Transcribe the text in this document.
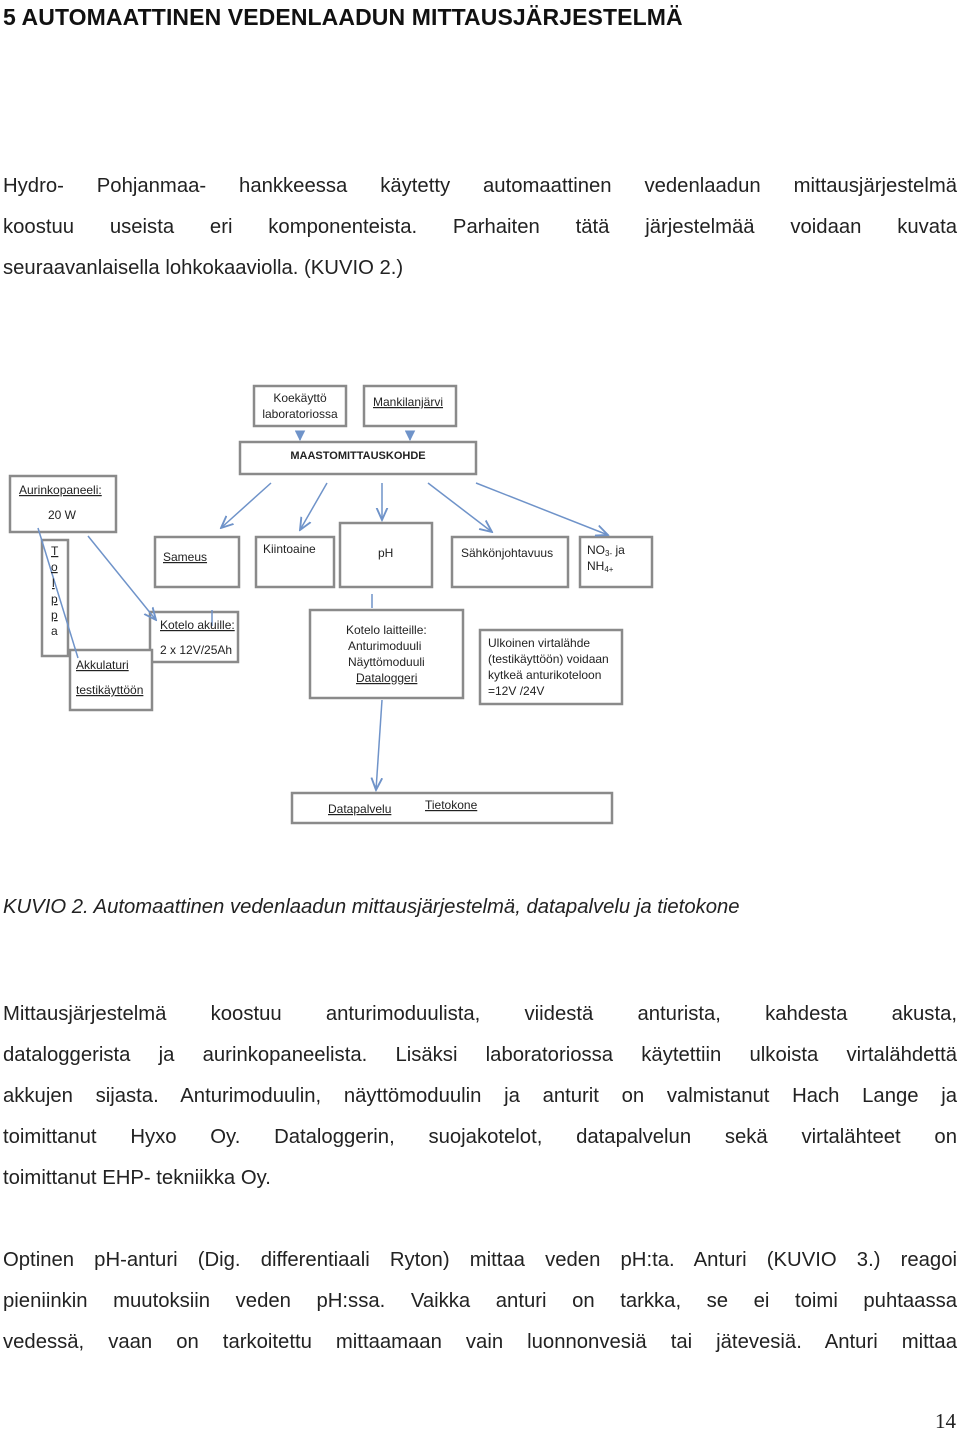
5 AUTOMAATTINEN VEDENLAADUN MITTAUSJÄRJESTELMÄ
Hydro- Pohjanmaa- hankkeessa käytetty automaattinen vedenlaadun mittausjärjestelmä
koostuu useista eri komponenteista. Parhaiten tätä järjestelmää voidaan kuvata
seuraavanlaisella lohkokaaviolla. (KUVIO 2.)
Koekäyttö
laboratoriossa
Mankilanjärvi
MAASTOMITTAUSKOHDE
Aurinkopaneeli:
20 W
T
o
l
p
p
a
Sameus
Kiintoaine	pH	Sähkönjohtavuus	NO3- ja
NH4+
Kotelo akuille:
2 x 12V/25Ah
Kotelo laitteille:
Anturimoduuli
Näyttömoduuli
Dataloggeri
Ulkoinen virtalähde
(testikäyttöön) voidaan
kytkeä anturikoteloon
=12V /24V
Akkulaturi
testikäyttöön
Datapalvelu	Tietokone

KUVIO 2. Automaattinen vedenlaadun mittausjärjestelmä, datapalvelu ja tietokone

Mittausjärjestelmä koostuu anturimoduulista, viidestä anturista, kahdesta akusta,
dataloggerista ja aurinkopaneelista. Lisäksi laboratoriossa käytettiin ulkoista virtalähdettä
akkujen sijasta. Anturimoduulin, näyttömoduulin ja anturit on valmistanut Hach Lange ja
toimittanut Hyxo Oy. Dataloggerin, suojakotelot, datapalvelun sekä virtalähteet on
toimittanut EHP- tekniikka Oy.
Optinen pH-anturi (Dig. differentiaali Ryton) mittaa veden pH:ta. Anturi (KUVIO 3.) reagoi
pieniinkin muutoksiin veden pH:ssa. Vaikka anturi on tarkka, se ei toimi puhtaassa
vedessä, vaan on tarkoitettu mittaamaan vain luonnonvesiä tai jätevesiä. Anturi mittaa
14
